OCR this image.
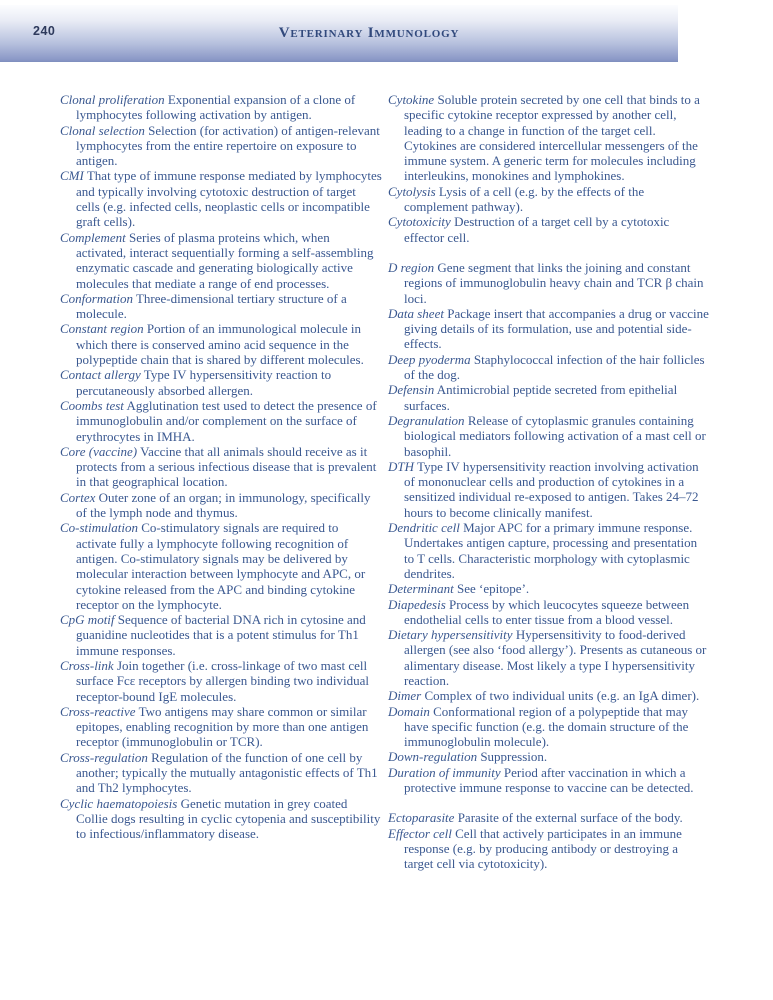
240	Veterinary Immunology

Clonal proliferation Exponential expansion of a clone of lymphocytes following activation by antigen.

Clonal selection Selection (for activation) of antigen-relevant lymphocytes from the entire repertoire on exposure to antigen.

CMI That type of immune response mediated by lymphocytes and typically involving cytotoxic destruction of target cells (e.g. infected cells, neoplastic cells or incompatible graft cells).

Complement Series of plasma proteins which, when activated, interact sequentially forming a self-assembling enzymatic cascade and generating biologically active molecules that mediate a range of end processes.

Conformation Three-dimensional tertiary structure of a molecule.

Constant region Portion of an immunological molecule in which there is conserved amino acid sequence in the polypeptide chain that is shared by different molecules.

Contact allergy Type IV hypersensitivity reaction to percutaneously absorbed allergen.

Coombs test Agglutination test used to detect the presence of immunoglobulin and/or complement on the surface of erythrocytes in IMHA.

Core (vaccine) Vaccine that all animals should receive as it protects from a serious infectious disease that is prevalent in that geographical location.

Cortex Outer zone of an organ; in immunology, specifically of the lymph node and thymus.

Co-stimulation Co-stimulatory signals are required to activate fully a lymphocyte following recognition of antigen. Co-stimulatory signals may be delivered by molecular interaction between lymphocyte and APC, or cytokine released from the APC and binding cytokine receptor on the lymphocyte.

CpG motif Sequence of bacterial DNA rich in cytosine and guanidine nucleotides that is a potent stimulus for Th1 immune responses.

Cross-link Join together (i.e. cross-linkage of two mast cell surface Fcε receptors by allergen binding two individual receptor-bound IgE molecules.

Cross-reactive Two antigens may share common or similar epitopes, enabling recognition by more than one antigen receptor (immunoglobulin or TCR).

Cross-regulation Regulation of the function of one cell by another; typically the mutually antagonistic effects of Th1 and Th2 lymphocytes.

Cyclic haematopoiesis Genetic mutation in grey coated Collie dogs resulting in cyclic cytopenia and susceptibility to infectious/inflammatory disease.

Cytokine Soluble protein secreted by one cell that binds to a specific cytokine receptor expressed by another cell, leading to a change in function of the target cell. Cytokines are considered intercellular messengers of the immune system. A generic term for molecules including interleukins, monokines and lymphokines.

Cytolysis Lysis of a cell (e.g. by the effects of the complement pathway).

Cytotoxicity Destruction of a target cell by a cytotoxic effector cell.

D region Gene segment that links the joining and constant regions of immunoglobulin heavy chain and TCR β chain loci.

Data sheet Package insert that accompanies a drug or vaccine giving details of its formulation, use and potential side-effects.

Deep pyoderma Staphylococcal infection of the hair follicles of the dog.

Defensin Antimicrobial peptide secreted from epithelial surfaces.

Degranulation Release of cytoplasmic granules containing biological mediators following activation of a mast cell or basophil.

DTH Type IV hypersensitivity reaction involving activation of mononuclear cells and production of cytokines in a sensitized individual re-exposed to antigen. Takes 24–72 hours to become clinically manifest.

Dendritic cell Major APC for a primary immune response. Undertakes antigen capture, processing and presentation to T cells. Characteristic morphology with cytoplasmic dendrites.

Determinant See ‘epitope’.

Diapedesis Process by which leucocytes squeeze between endothelial cells to enter tissue from a blood vessel.

Dietary hypersensitivity Hypersensitivity to food-derived allergen (see also ‘food allergy’). Presents as cutaneous or alimentary disease. Most likely a type I hypersensitivity reaction.

Dimer Complex of two individual units (e.g. an IgA dimer).

Domain Conformational region of a polypeptide that may have specific function (e.g. the domain structure of the immunoglobulin molecule).

Down-regulation Suppression.

Duration of immunity Period after vaccination in which a protective immune response to vaccine can be detected.

Ectoparasite Parasite of the external surface of the body.

Effector cell Cell that actively participates in an immune response (e.g. by producing antibody or destroying a target cell via cytotoxicity).
